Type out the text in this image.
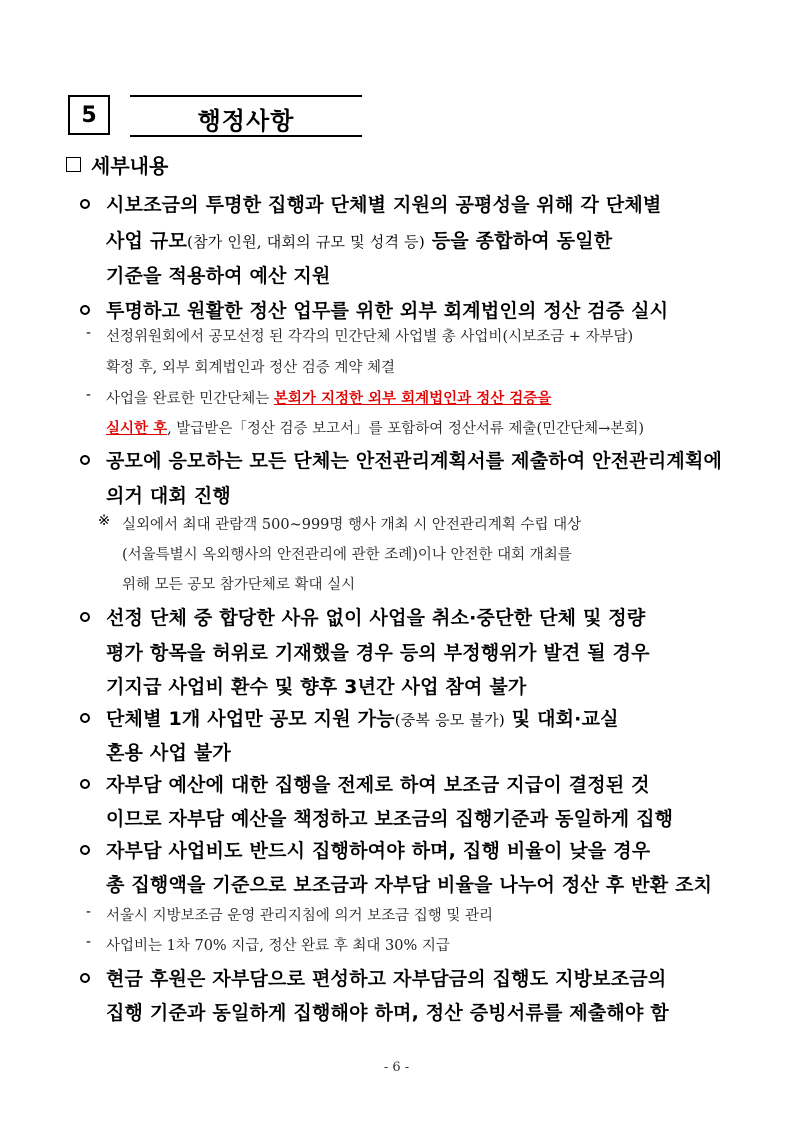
5	행정사항
세부내용
시보조금의 투명한 집행과 단체별 지원의 공평성을 위해 각 단체별
사업 규모(참가 인원, 대회의 규모 및 성격 등) 등을 종합하여 동일한
기준을 적용하여 예산 지원
투명하고 원활한 정산 업무를 위한 외부 회계법인의 정산 검증 실시
- 선정위원회에서 공모선정 된 각각의 민간단체 사업별 총 사업비(시보조금 + 자부담)
확정 후, 외부 회계법인과 정산 검증 계약 체결
- 사업을 완료한 민간단체는 본회가 지정한 외부 회계법인과 정산 검증을
실시한 후, 발급받은「정산 검증 보고서」를 포함하여 정산서류 제출(민간단체→본회)
공모에 응모하는 모든 단체는 안전관리계획서를 제출하여 안전관리계획에
의거 대회 진행
※ 실외에서 최대 관람객 500~999명 행사 개최 시 안전관리계획 수립 대상
(서울특별시 옥외행사의 안전관리에 관한 조례)이나 안전한 대회 개최를
위해 모든 공모 참가단체로 확대 실시
선정 단체 중 합당한 사유 없이 사업을 취소·중단한 단체 및 정량
평가 항목을 허위로 기재했을 경우 등의 부정행위가 발견 될 경우
기지급 사업비 환수 및 향후 3년간 사업 참여 불가
단체별 1개 사업만 공모 지원 가능(중복 응모 불가) 및 대회·교실
혼용 사업 불가
자부담 예산에 대한 집행을 전제로 하여 보조금 지급이 결정된 것
이므로 자부담 예산을 책정하고 보조금의 집행기준과 동일하게 집행
자부담 사업비도 반드시 집행하여야 하며, 집행 비율이 낮을 경우
총 집행액을 기준으로 보조금과 자부담 비율을 나누어 정산 후 반환 조치
- 서울시 지방보조금 운영 관리지침에 의거 보조금 집행 및 관리
- 사업비는 1차 70% 지급, 정산 완료 후 최대 30% 지급
현금 후원은 자부담으로 편성하고 자부담금의 집행도 지방보조금의
집행 기준과 동일하게 집행해야 하며, 정산 증빙서류를 제출해야 함
- 6 -
